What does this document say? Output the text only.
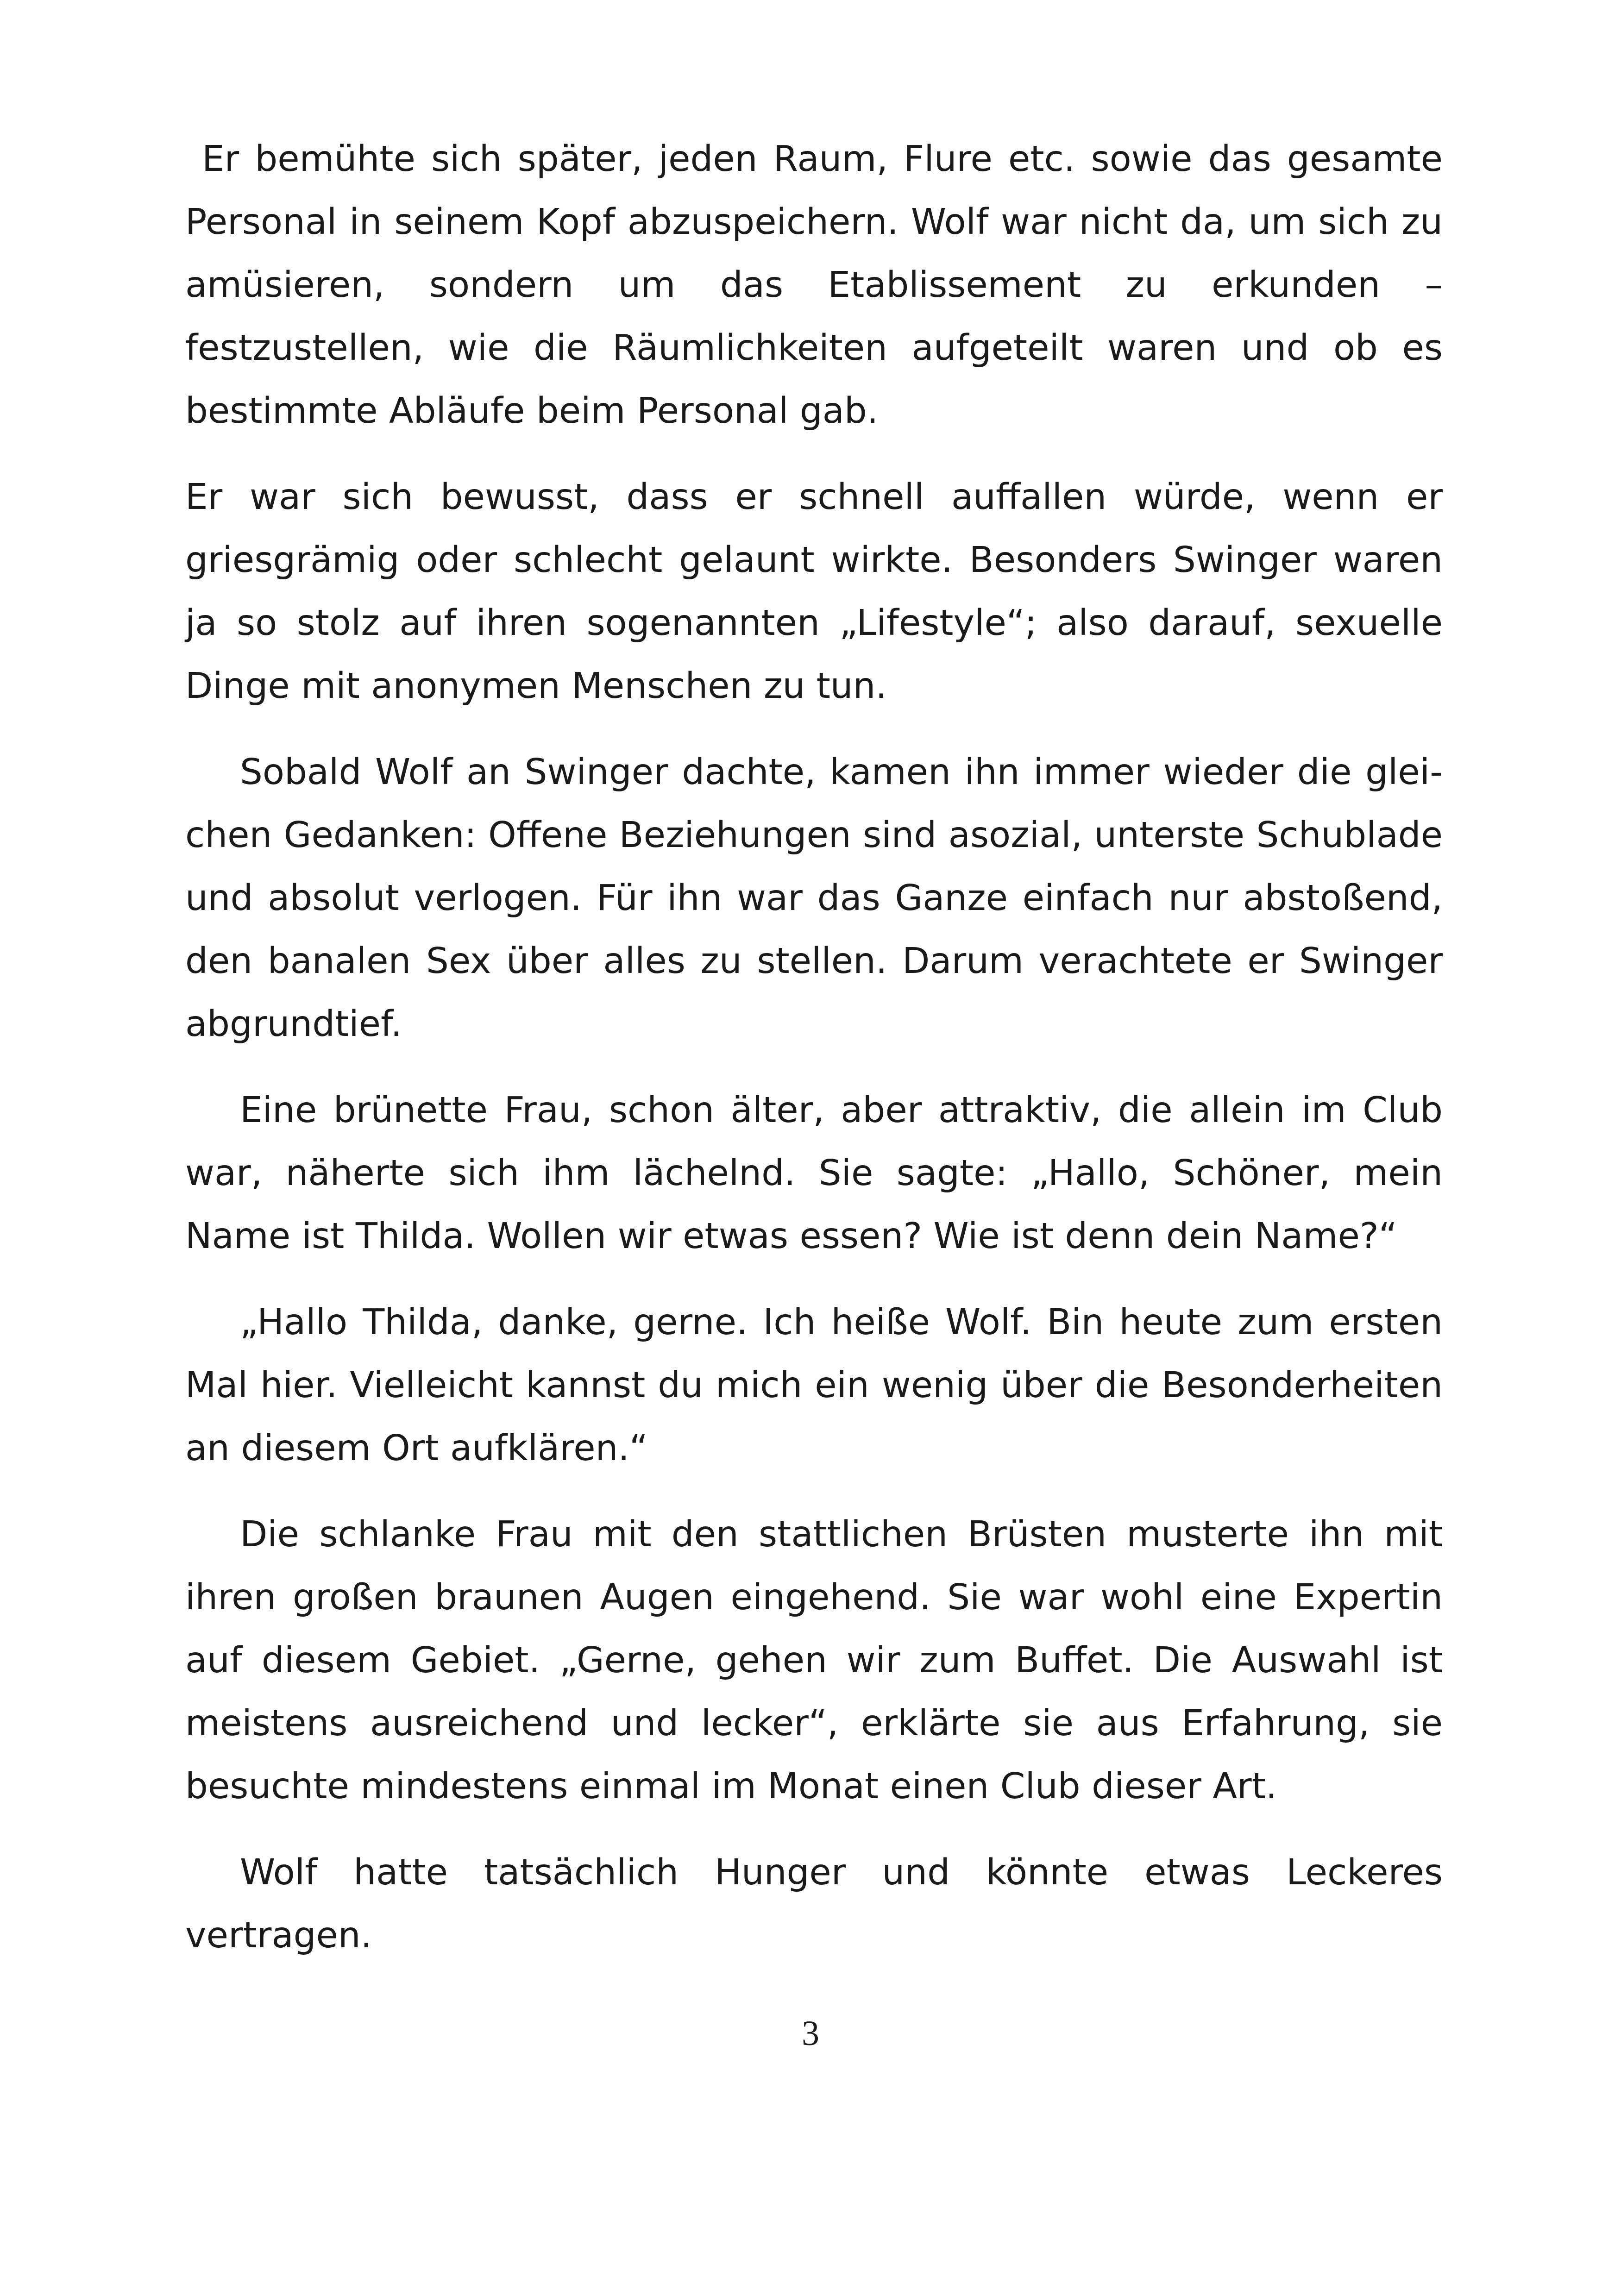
Er bemühte sich später, jeden Raum, Flure etc. sowie das gesamte Personal in seinem Kopf abzuspeichern. Wolf war nicht da, um sich zu amüsieren, sondern um das Etablissement zu erkunden – festzustellen, wie die Räumlichkeiten aufgeteilt waren und ob es bestimmte Abläufe beim Personal gab.

Er war sich bewusst, dass er schnell auffallen würde, wenn er griesgrämig oder schlecht gelaunt wirkte. Besonders Swinger waren ja so stolz auf ihren sogenannten „Lifestyle“; also darauf, sexuelle Dinge mit anonymen Menschen zu tun.

Sobald Wolf an Swinger dachte, kamen ihn immer wieder die gleichen Gedanken: Offene Beziehungen sind asozial, unterste Schublade und absolut verlogen. Für ihn war das Ganze einfach nur abstoßend, den banalen Sex über alles zu stellen. Darum verachtete er Swinger abgrundtief.

Eine brünette Frau, schon älter, aber attraktiv, die allein im Club war, näherte sich ihm lächelnd. Sie sagte: „Hallo, Schöner, mein Name ist Thilda. Wollen wir etwas essen? Wie ist denn dein Name?“

„Hallo Thilda, danke, gerne. Ich heiße Wolf. Bin heute zum ersten Mal hier. Vielleicht kannst du mich ein wenig über die Besonderheiten an diesem Ort aufklären.“

Die schlanke Frau mit den stattlichen Brüsten musterte ihn mit ihren großen braunen Augen eingehend. Sie war wohl eine Expertin auf diesem Gebiet. „Gerne, gehen wir zum Buffet. Die Auswahl ist meistens ausreichend und lecker“, erklärte sie aus Erfahrung, sie besuchte mindestens einmal im Monat einen Club dieser Art.

Wolf hatte tatsächlich Hunger und könnte etwas Leckeres vertragen.

3
